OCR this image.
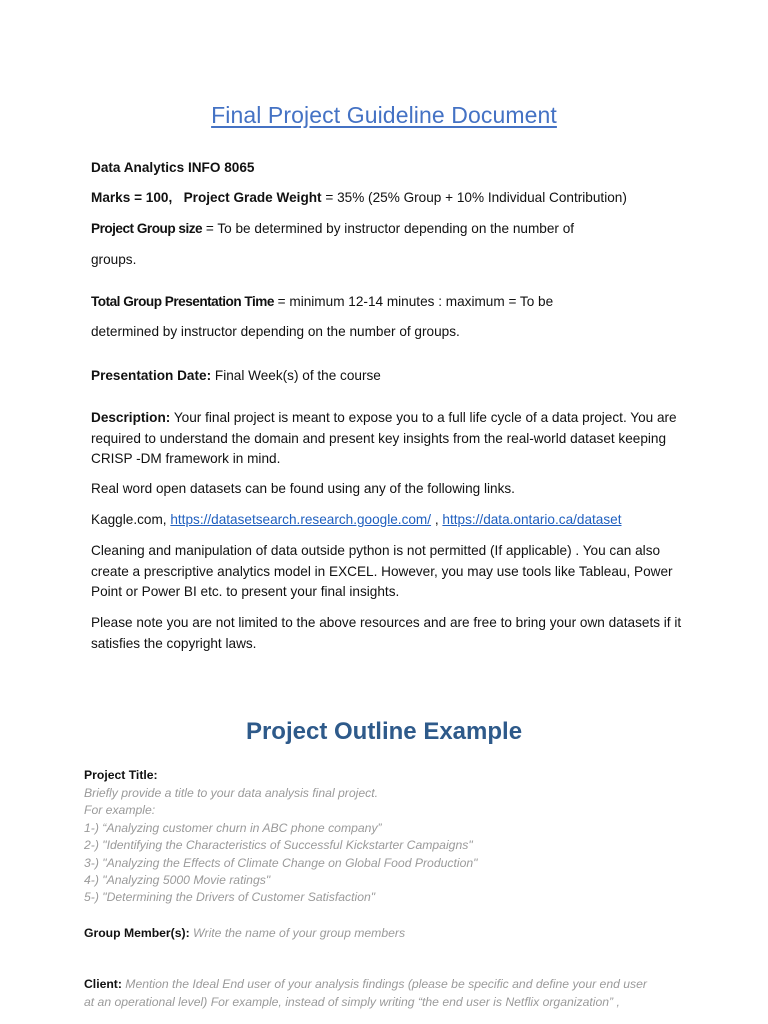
Final Project Guideline Document
Data Analytics INFO 8065
Marks = 100, Project Grade Weight = 35% (25% Group + 10% Individual Contribution)
Project Group size = To be determined by instructor depending on the number of
groups.
Total Group Presentation Time = minimum 12-14 minutes : maximum = To be
determined by instructor depending on the number of groups.
Presentation Date: Final Week(s) of the course
Description: Your final project is meant to expose you to a full life cycle of a data project. You are required to understand the domain and present key insights from the real-world dataset keeping CRISP -DM framework in mind.
Real word open datasets can be found using any of the following links.
Kaggle.com, https://datasetsearch.research.google.com/ , https://data.ontario.ca/dataset
Cleaning and manipulation of data outside python is not permitted (If applicable) . You can also create a prescriptive analytics model in EXCEL. However, you may use tools like Tableau, Power Point or Power BI etc. to present your final insights.
Please note you are not limited to the above resources and are free to bring your own datasets if it satisfies the copyright laws.
Project Outline Example
Project Title:
Briefly provide a title to your data analysis final project.
For example:
1-) “Analyzing customer churn in ABC phone company”
2-) "Identifying the Characteristics of Successful Kickstarter Campaigns"
3-) "Analyzing the Effects of Climate Change on Global Food Production"
4-) "Analyzing 5000 Movie ratings"
5-) "Determining the Drivers of Customer Satisfaction"
Group Member(s): Write the name of your group members
Client: Mention the Ideal End user of your analysis findings (please be specific and define your end user
at an operational level) For example, instead of simply writing “the end user is Netflix organization” ,
